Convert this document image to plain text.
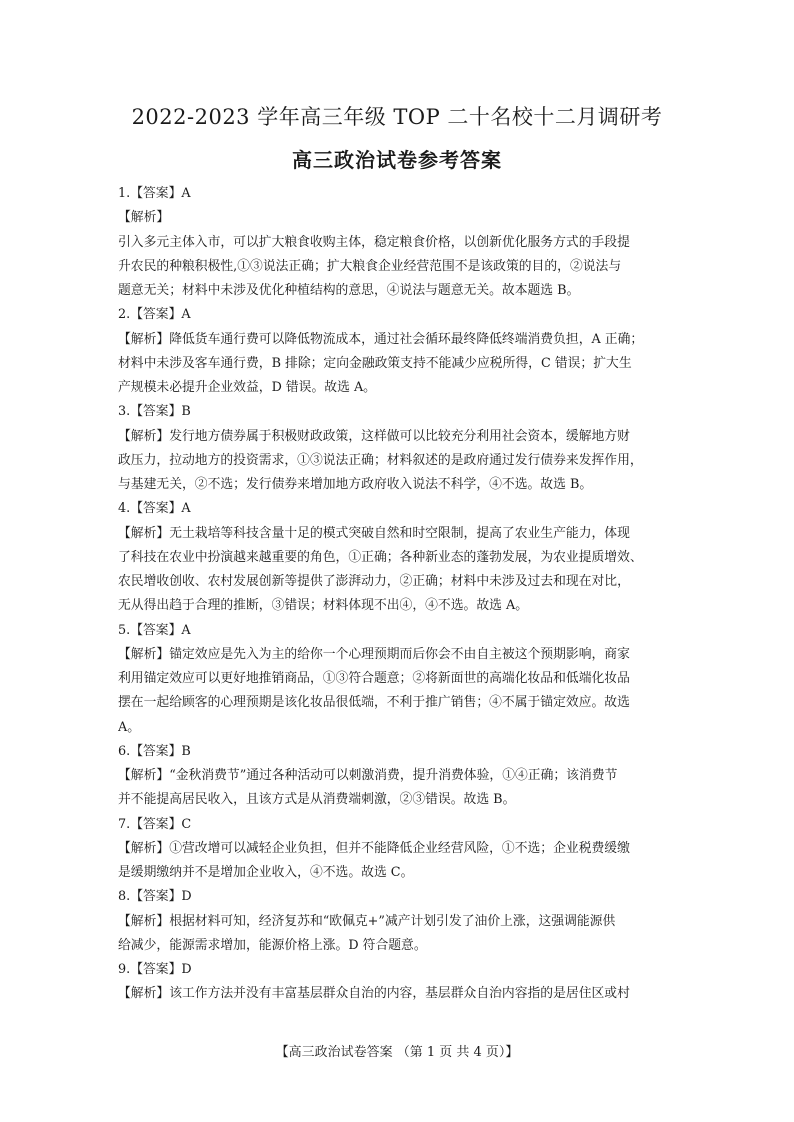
2022-2023 学年高三年级 TOP 二十名校十二月调研考
高三政治试卷参考答案
1.【答案】A
【解析】
引入多元主体入市，可以扩大粮食收购主体，稳定粮食价格，以创新优化服务方式的手段提
升农民的种粮积极性,①③说法正确；扩大粮食企业经营范围不是该政策的目的，②说法与
题意无关；材料中未涉及优化种植结构的意思，④说法与题意无关。故本题选 B。
2.【答案】A
【解析】降低货车通行费可以降低物流成本，通过社会循环最终降低终端消费负担，A 正确；
材料中未涉及客车通行费，B 排除；定向金融政策支持不能减少应税所得，C 错误；扩大生
产规模未必提升企业效益，D 错误。故选 A。
3.【答案】B
【解析】发行地方债券属于积极财政政策，这样做可以比较充分利用社会资本，缓解地方财
政压力，拉动地方的投资需求，①③说法正确；材料叙述的是政府通过发行债券来发挥作用，
与基建无关，②不选；发行债券来增加地方政府收入说法不科学，④不选。故选 B。
4.【答案】A
【解析】无土栽培等科技含量十足的模式突破自然和时空限制，提高了农业生产能力，体现
了科技在农业中扮演越来越重要的角色，①正确；各种新业态的蓬勃发展，为农业提质增效、
农民增收创收、农村发展创新等提供了澎湃动力，②正确；材料中未涉及过去和现在对比，
无从得出趋于合理的推断，③错误；材料体现不出④，④不选。故选 A。
5.【答案】A
【解析】锚定效应是先入为主的给你一个心理预期而后你会不由自主被这个预期影响，商家
利用锚定效应可以更好地推销商品，①③符合题意；②将新面世的高端化妆品和低端化妆品
摆在一起给顾客的心理预期是该化妆品很低端，不利于推广销售；④不属于锚定效应。故选
A。
6.【答案】B
【解析】“金秋消费节”通过各种活动可以刺激消费，提升消费体验，①④正确；该消费节
并不能提高居民收入，且该方式是从消费端刺激，②③错误。故选 B。
7.【答案】C
【解析】①营改增可以减轻企业负担，但并不能降低企业经营风险，①不选；企业税费缓缴
是缓期缴纳并不是增加企业收入，④不选。故选 C。
8.【答案】D
【解析】根据材料可知，经济复苏和“欧佩克+”减产计划引发了油价上涨，这强调能源供
给减少，能源需求增加，能源价格上涨。D 符合题意。
9.【答案】D
【解析】该工作方法并没有丰富基层群众自治的内容，基层群众自治内容指的是居住区或村
【高三政治试卷答案 （第 1 页 共 4 页）】
